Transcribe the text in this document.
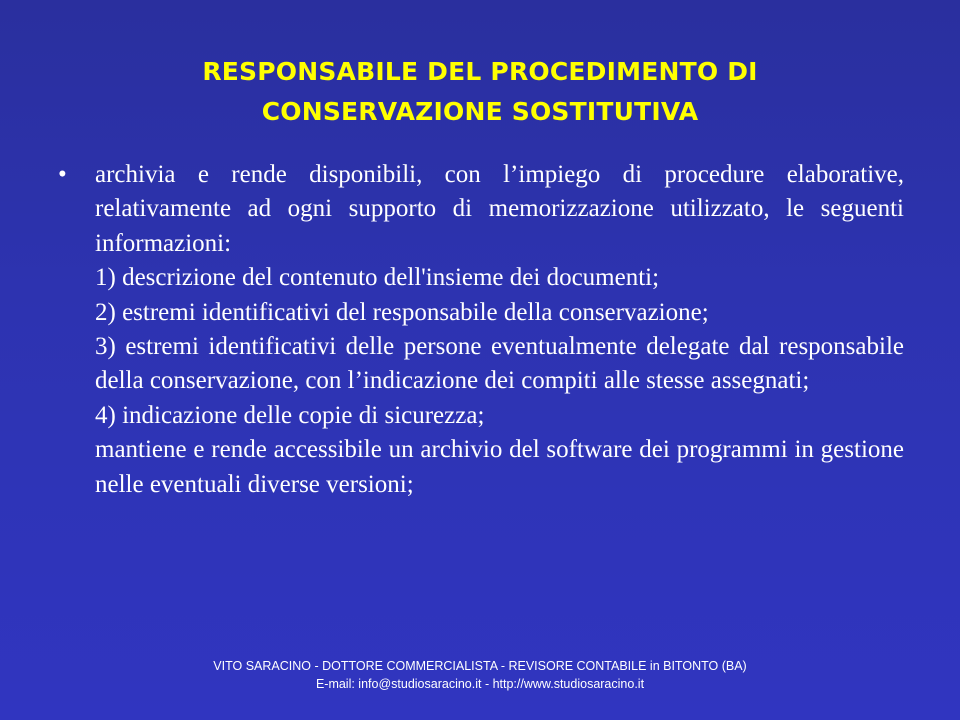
RESPONSABILE DEL PROCEDIMENTO DI
CONSERVAZIONE SOSTITUTIVA
•	archivia e rende disponibili, con l’impiego di procedure elaborative, relativamente ad ogni supporto di memorizzazione utilizzato, le seguenti informazioni:

1) descrizione del contenuto dell'insieme dei documenti;

2) estremi identificativi del responsabile della conservazione;

3) estremi identificativi delle persone eventualmente delegate dal responsabile della conservazione, con l’indicazione dei compiti alle stesse assegnati;

4) indicazione delle copie di sicurezza;

mantiene e rende accessibile un archivio del software dei programmi in gestione nelle eventuali diverse versioni;

VITO SARACINO - DOTTORE COMMERCIALISTA - REVISORE CONTABILE in BITONTO (BA)
E-mail: info@studiosaracino.it - http://www.studiosaracino.it
